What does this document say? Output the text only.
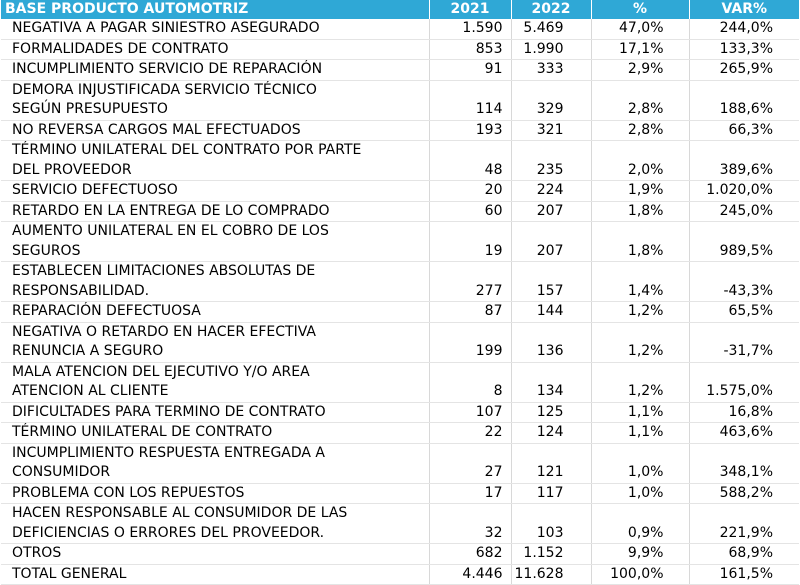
BASE PRODUCTO AUTOMOTRIZ	2021	2022	%	VAR%
NEGATIVA A PAGAR SINIESTRO ASEGURADO	1.590	5.469	47,0%	244,0%
FORMALIDADES DE CONTRATO	853	1.990	17,1%	133,3%
INCUMPLIMIENTO SERVICIO DE REPARACIÓN	91	333	2,9%	265,9%
DEMORA INJUSTIFICADA SERVICIO TÉCNICO
SEGÚN PRESUPUESTO	114	329	2,8%	188,6%
NO REVERSA CARGOS MAL EFECTUADOS	193	321	2,8%	66,3%
TÉRMINO UNILATERAL DEL CONTRATO POR PARTE
DEL PROVEEDOR	48	235	2,0%	389,6%
SERVICIO DEFECTUOSO	20	224	1,9%	1.020,0%
RETARDO EN LA ENTREGA DE LO COMPRADO	60	207	1,8%	245,0%
AUMENTO UNILATERAL EN EL COBRO DE LOS
SEGUROS	19	207	1,8%	989,5%
ESTABLECEN LIMITACIONES ABSOLUTAS DE
RESPONSABILIDAD.	277	157	1,4%	-43,3%
REPARACIÓN DEFECTUOSA	87	144	1,2%	65,5%
NEGATIVA O RETARDO EN HACER EFECTIVA
RENUNCIA A SEGURO	199	136	1,2%	-31,7%
MALA ATENCION DEL EJECUTIVO Y/O AREA
ATENCION AL CLIENTE	8	134	1,2%	1.575,0%
DIFICULTADES PARA TERMINO DE CONTRATO	107	125	1,1%	16,8%
TÉRMINO UNILATERAL DE CONTRATO	22	124	1,1%	463,6%
INCUMPLIMIENTO RESPUESTA ENTREGADA A
CONSUMIDOR	27	121	1,0%	348,1%
PROBLEMA CON LOS REPUESTOS	17	117	1,0%	588,2%
HACEN RESPONSABLE AL CONSUMIDOR DE LAS
DEFICIENCIAS O ERRORES DEL PROVEEDOR.	32	103	0,9%	221,9%
OTROS	682	1.152	9,9%	68,9%
TOTAL GENERAL	4.446	11.628	100,0%	161,5%
